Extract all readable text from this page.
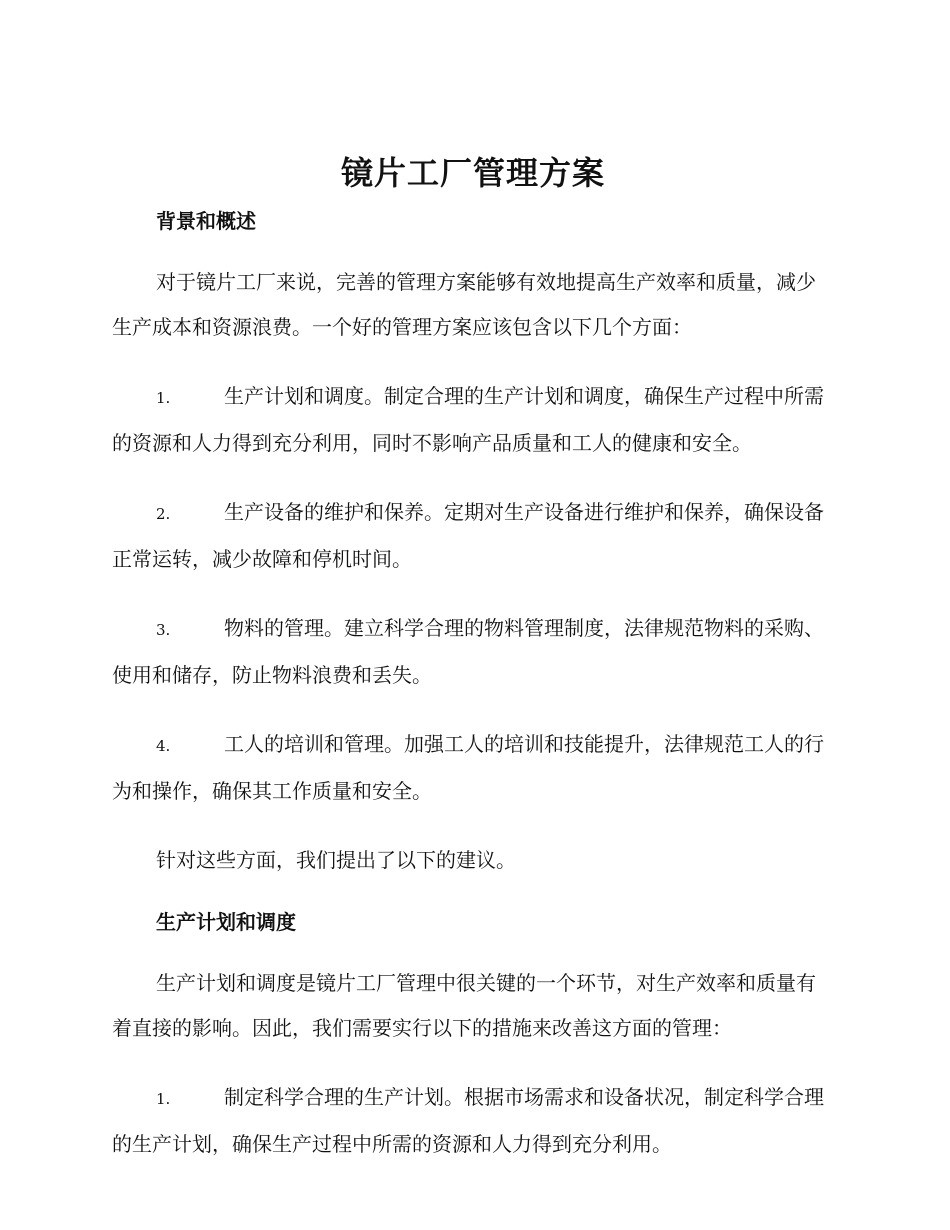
镜片工厂管理方案
背景和概述

对于镜片工厂来说，完善的管理方案能够有效地提高生产效率和质量，减少生产成本和资源浪费。一个好的管理方案应该包含以下几个方面：

1.	生产计划和调度。制定合理的生产计划和调度，确保生产过程中所需的资源和人力得到充分利用，同时不影响产品质量和工人的健康和安全。

2.	生产设备的维护和保养。定期对生产设备进行维护和保养，确保设备正常运转，减少故障和停机时间。

3.	物料的管理。建立科学合理的物料管理制度，法律规范物料的采购、使用和储存，防止物料浪费和丢失。

4.	工人的培训和管理。加强工人的培训和技能提升，法律规范工人的行为和操作，确保其工作质量和安全。

针对这些方面，我们提出了以下的建议。

生产计划和调度

生产计划和调度是镜片工厂管理中很关键的一个环节，对生产效率和质量有着直接的影响。因此，我们需要实行以下的措施来改善这方面的管理：

1.	制定科学合理的生产计划。根据市场需求和设备状况，制定科学合理的生产计划，确保生产过程中所需的资源和人力得到充分利用。
